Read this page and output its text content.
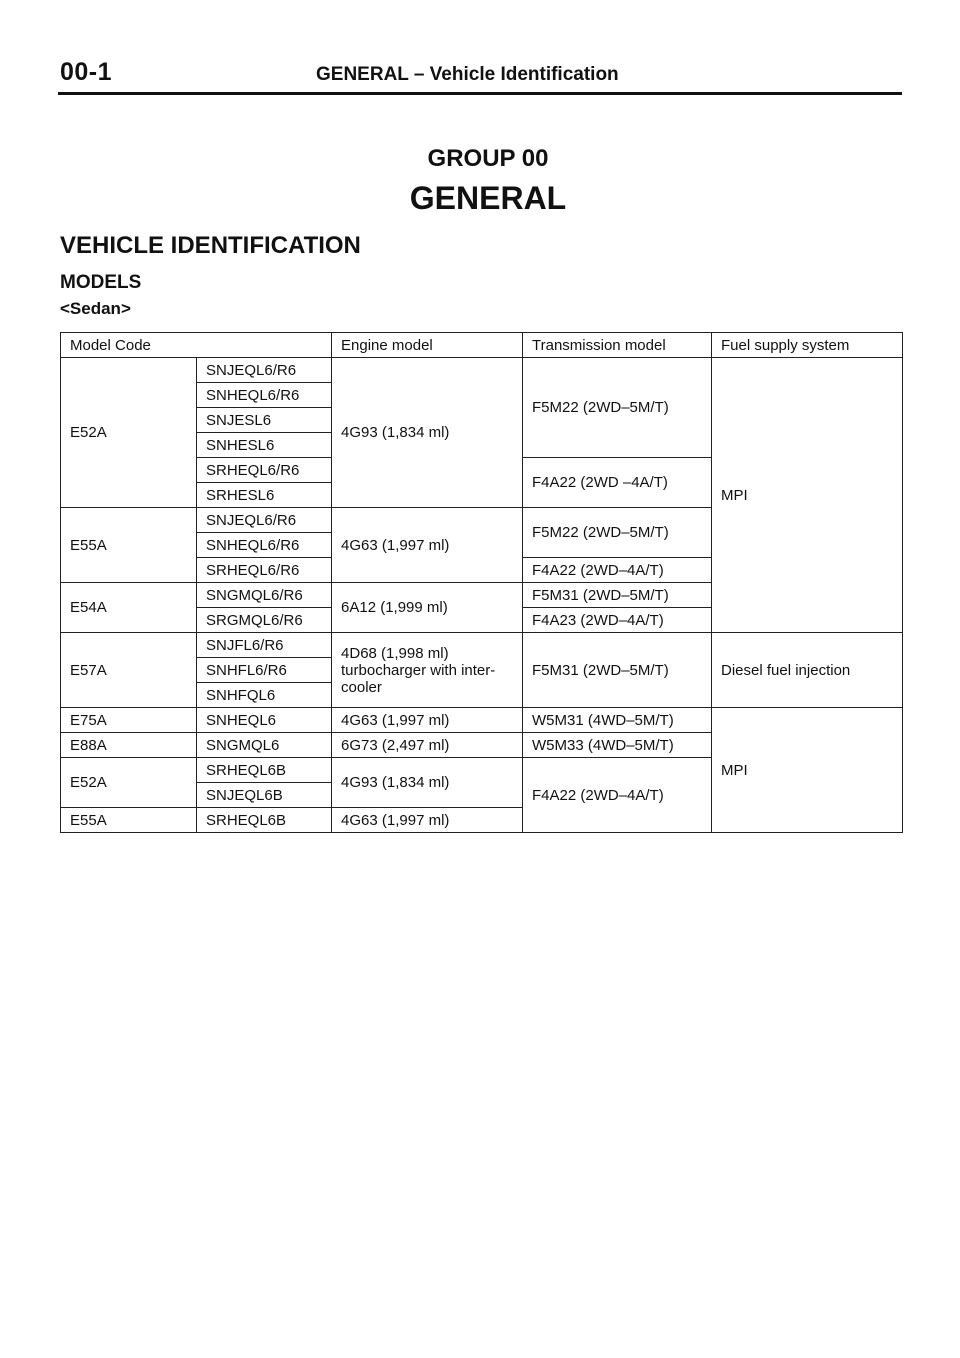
00-1	GENERAL – Vehicle Identification
GROUP 00
GENERAL
VEHICLE IDENTIFICATION
MODELS
<Sedan>
Model Code		Engine model	Transmission model	Fuel supply system
E52A	SNJEQL6/R6	4G93 (1,834 ml)	F5M22 (2WD–5M/T)	MPI
	SNHEQL6/R6			
	SNJESL6			
	SNHESL6			
	SRHEQL6/R6		F4A22 (2WD –4A/T)	
	SRHESL6			
E55A	SNJEQL6/R6	4G63 (1,997 ml)	F5M22 (2WD–5M/T)	
	SNHEQL6/R6			
	SRHEQL6/R6		F4A22 (2WD–4A/T)	
E54A	SNGMQL6/R6	6A12 (1,999 ml)	F5M31 (2WD–5M/T)	
	SRGMQL6/R6		F4A23 (2WD–4A/T)	
E57A	SNJFL6/R6	4D68 (1,998 ml) turbocharger with inter-cooler	F5M31 (2WD–5M/T)	Diesel fuel injection
	SNHFL6/R6			
	SNHFQL6			
E75A	SNHEQL6	4G63 (1,997 ml)	W5M31 (4WD–5M/T)	MPI
E88A	SNGMQL6	6G73 (2,497 ml)	W5M33 (4WD–5M/T)	
E52A	SRHEQL6B	4G93 (1,834 ml)	F4A22 (2WD–4A/T)	
	SNJEQL6B			
E55A	SRHEQL6B	4G63 (1,997 ml)		
